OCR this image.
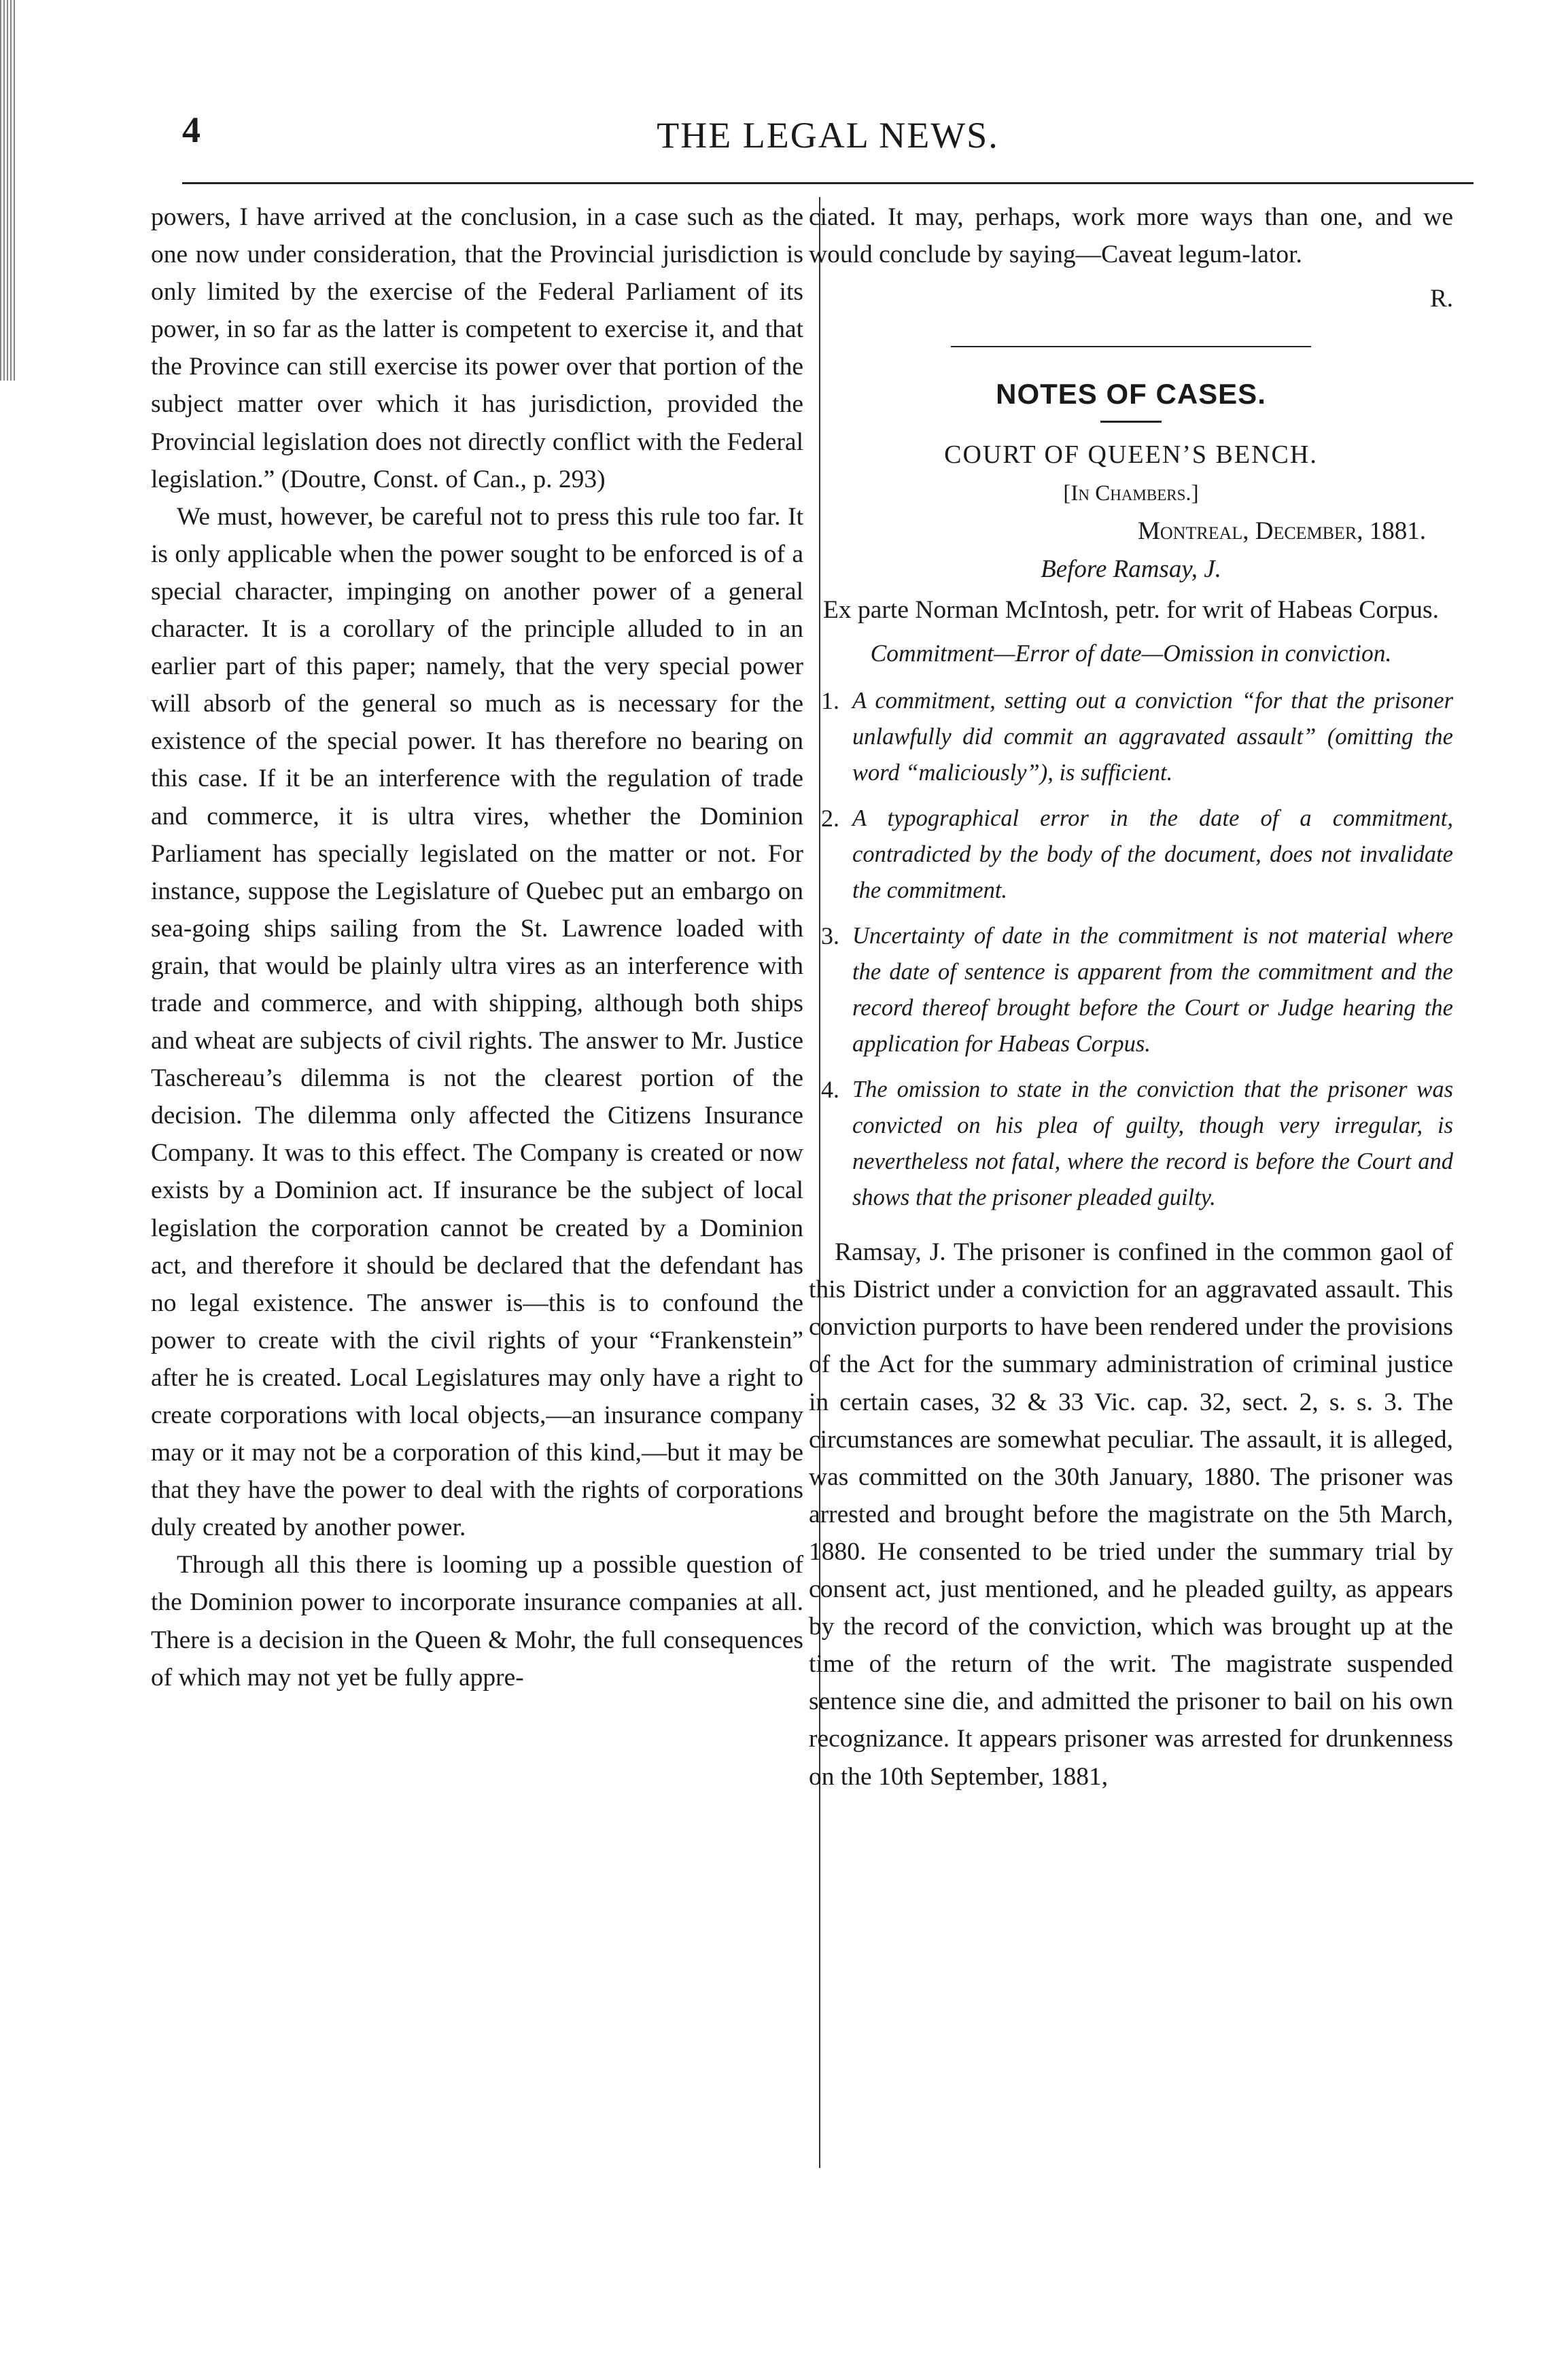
4	THE LEGAL NEWS.

powers, I have arrived at the conclusion, in a case such as the one now under consideration, that the Provincial jurisdiction is only limited by the exercise of the Federal Parliament of its power, in so far as the latter is competent to exercise it, and that the Province can still exercise its power over that portion of the subject matter over which it has jurisdiction, provided the Provincial legislation does not directly conflict with the Federal legislation.” (Doutre, Const. of Can., p. 293)

We must, however, be careful not to press this rule too far. It is only applicable when the power sought to be enforced is of a special character, impinging on another power of a general character. It is a corollary of the principle alluded to in an earlier part of this paper; namely, that the very special power will absorb of the general so much as is necessary for the existence of the special power. It has therefore no bearing on this case. If it be an interference with the regulation of trade and commerce, it is ultra vires, whether the Dominion Parliament has specially legislated on the matter or not. For instance, suppose the Legislature of Quebec put an embargo on sea-going ships sailing from the St. Lawrence loaded with grain, that would be plainly ultra vires as an interference with trade and commerce, and with shipping, although both ships and wheat are subjects of civil rights. The answer to Mr. Justice Taschereau’s dilemma is not the clearest portion of the decision. The dilemma only affected the Citizens Insurance Company. It was to this effect. The Company is created or now exists by a Dominion act. If insurance be the subject of local legislation the corporation cannot be created by a Dominion act, and therefore it should be declared that the defendant has no legal existence. The answer is—this is to confound the power to create with the civil rights of your “Frankenstein” after he is created. Local Legislatures may only have a right to create corporations with local objects,—an insurance company may or it may not be a corporation of this kind,—but it may be that they have the power to deal with the rights of corporations duly created by another power.

Through all this there is looming up a possible question of the Dominion power to incorporate insurance companies at all. There is a decision in the Queen & Mohr, the full consequences of which may not yet be fully appre-

ciated. It may, perhaps, work more ways than one, and we would conclude by saying—Caveat legum-lator.

R.

NOTES OF CASES.

COURT OF QUEEN’S BENCH.

[In Chambers.]

Montreal, December, 1881.

Before Ramsay, J.

Ex parte Norman McIntosh, petr. for writ of Habeas Corpus.

Commitment—Error of date—Omission in conviction.

1. A commitment, setting out a conviction “for that the prisoner unlawfully did commit an aggravated assault” (omitting the word “maliciously”), is sufficient.

2. A typographical error in the date of a commitment, contradicted by the body of the document, does not invalidate the commitment.

3. Uncertainty of date in the commitment is not material where the date of sentence is apparent from the commitment and the record thereof brought before the Court or Judge hearing the application for Habeas Corpus.

4. The omission to state in the conviction that the prisoner was convicted on his plea of guilty, though very irregular, is nevertheless not fatal, where the record is before the Court and shows that the prisoner pleaded guilty.

Ramsay, J. The prisoner is confined in the common gaol of this District under a conviction for an aggravated assault. This conviction purports to have been rendered under the provisions of the Act for the summary administration of criminal justice in certain cases, 32 & 33 Vic. cap. 32, sect. 2, s. s. 3. The circumstances are somewhat peculiar. The assault, it is alleged, was committed on the 30th January, 1880. The prisoner was arrested and brought before the magistrate on the 5th March, 1880. He consented to be tried under the summary trial by consent act, just mentioned, and he pleaded guilty, as appears by the record of the conviction, which was brought up at the time of the return of the writ. The magistrate suspended sentence sine die, and admitted the prisoner to bail on his own recognizance. It appears prisoner was arrested for drunkenness on the 10th September, 1881,
